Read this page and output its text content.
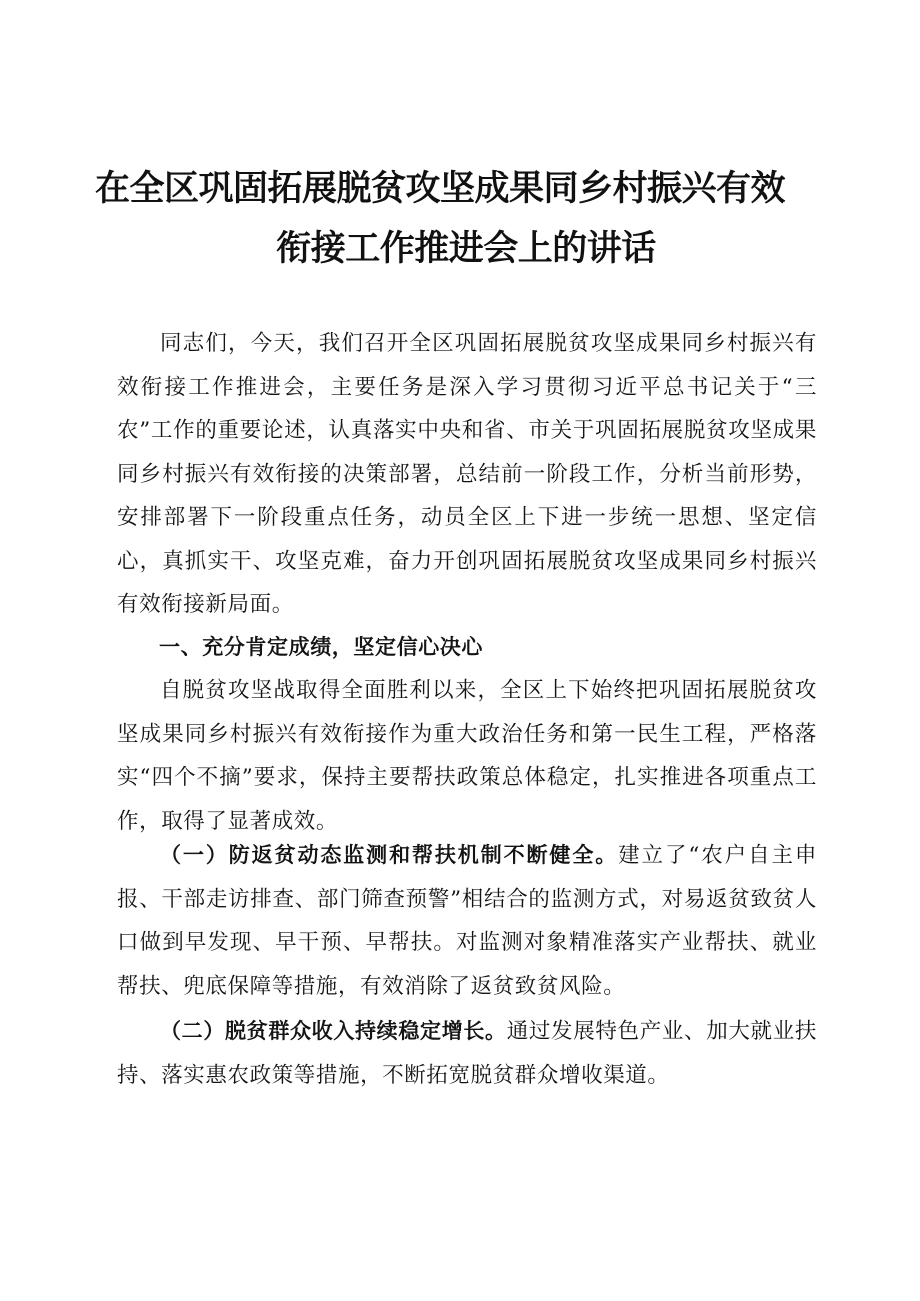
在全区巩固拓展脱贫攻坚成果同乡村振兴有效
衔接工作推进会上的讲话

同志们，今天，我们召开全区巩固拓展脱贫攻坚成果同乡村振兴有效衔接工作推进会，主要任务是深入学习贯彻习近平总书记关于“三农”工作的重要论述，认真落实中央和省、市关于巩固拓展脱贫攻坚成果同乡村振兴有效衔接的决策部署，总结前一阶段工作，分析当前形势，安排部署下一阶段重点任务，动员全区上下进一步统一思想、坚定信心，真抓实干、攻坚克难，奋力开创巩固拓展脱贫攻坚成果同乡村振兴有效衔接新局面。

一、充分肯定成绩，坚定信心决心

自脱贫攻坚战取得全面胜利以来，全区上下始终把巩固拓展脱贫攻坚成果同乡村振兴有效衔接作为重大政治任务和第一民生工程，严格落实“四个不摘”要求，保持主要帮扶政策总体稳定，扎实推进各项重点工作，取得了显著成效。

（一）防返贫动态监测和帮扶机制不断健全。建立了“农户自主申报、干部走访排查、部门筛查预警”相结合的监测方式，对易返贫致贫人口做到早发现、早干预、早帮扶。对监测对象精准落实产业帮扶、就业帮扶、兜底保障等措施，有效消除了返贫致贫风险。

（二）脱贫群众收入持续稳定增长。通过发展特色产业、加大就业扶持、落实惠农政策等措施，不断拓宽脱贫群众增收渠道。
